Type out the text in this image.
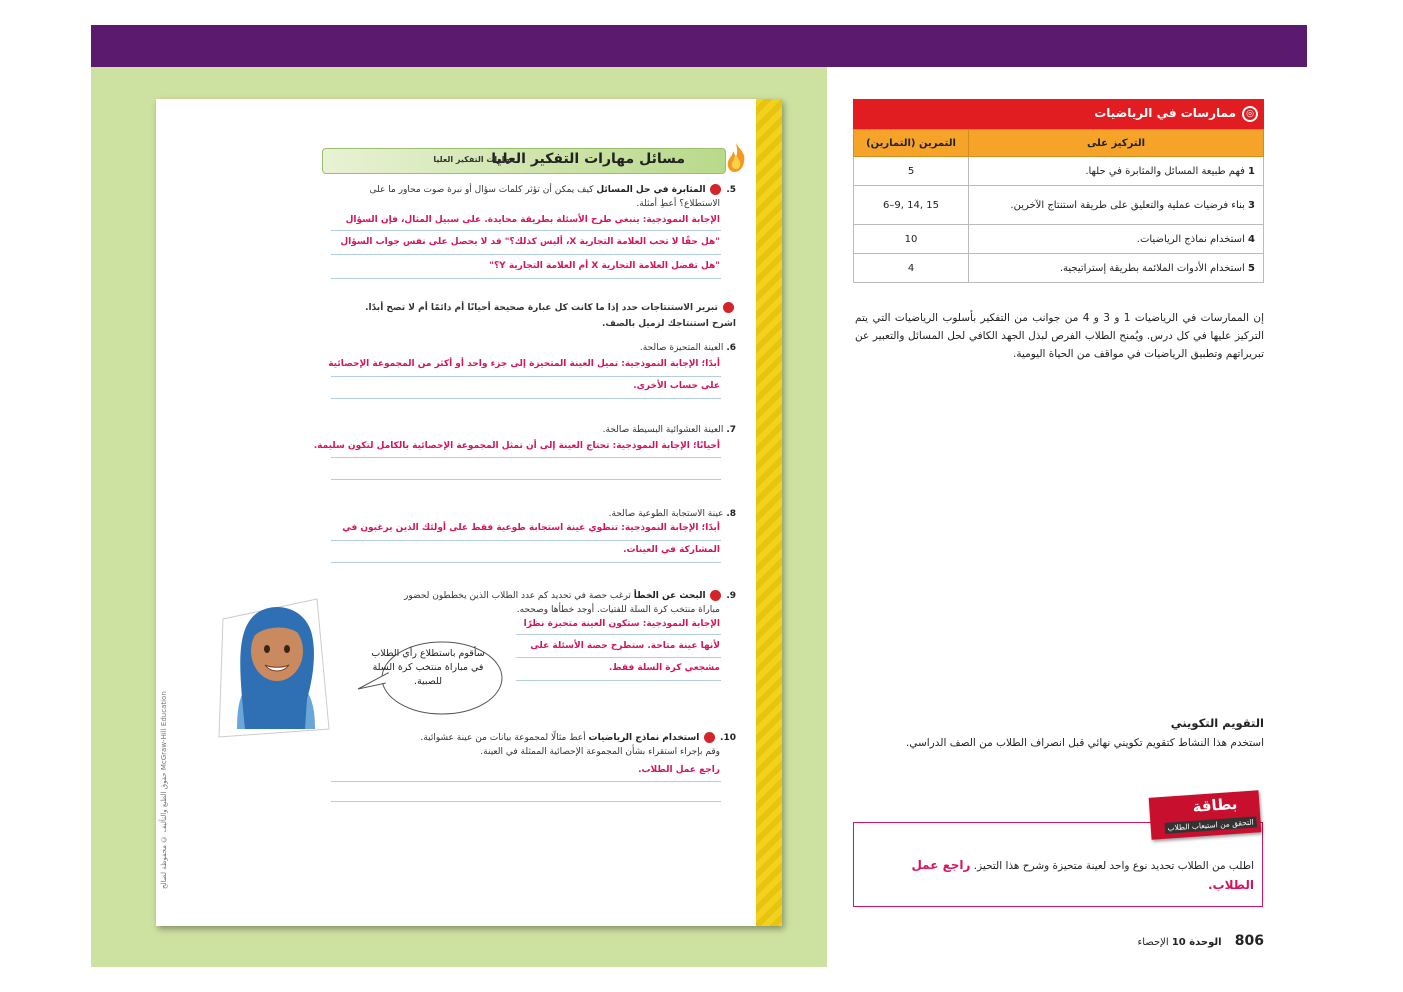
حقوق الطبع والتأليف © محفوظة لصالح McGraw-Hill Education
مسائل مهارات التفكير العليا
مهارات التفكير العليا
5.  المثابرة في حل المسائل كيف يمكن أن تؤثر كلمات سؤال أو نبرة صوت محاور ما على
الاستطلاع؟ أعطِ أمثلة.
الإجابة النموذجية: ينبغي طرح الأسئلة بطريقة محايدة. على سبيل المثال، فإن السؤال
"هل حقًا لا تحب العلامة التجارية X، أليس كذلك؟" قد لا يحصل على نفس جواب السؤال
"هل تفضل العلامة التجارية X أم العلامة التجارية Y؟"
تبرير الاستنتاجات حدد إذا ما كانت كل عبارة صحيحة أحيانًا أم دائمًا أم لا تصح أبدًا.
اشرح استنتاجك لزميل بالصف.
6. العينة المتحيزة صالحة.
أبدًا؛ الإجابة النموذجية: تميل العينة المتحيزة إلى جزء واحد أو أكثر من المجموعة الإحصائية
على حساب الأخرى.
7. العينة العشوائية البسيطة صالحة.
أحيانًا؛ الإجابة النموذجية: تحتاج العينة إلى أن تمثل المجموعة الإحصائية بالكامل لتكون سليمة.
8. عينة الاستجابة الطوعية صالحة.
أبدًا؛ الإجابة النموذجية: تنطوي عينة استجابة طوعية فقط على أولئك الذين يرغبون في
المشاركة في العينات.
9.  البحث عن الخطأ ترغب حصة في تحديد كم عدد الطلاب الذين يخططون لحضور
مباراة منتخب كرة السلة للفتيات. أوجد خطأها وصححه.
الإجابة النموذجية: ستكون العينة متحيزة نظرًا
لأنها عينة متاحة. ستطرح حصة الأسئلة على
مشجعي كرة السلة فقط.
سأقوم باستطلاع رأي الطلاب في مباراة منتخب كرة السلة للصبية.
10.  استخدام نماذج الرياضيات أعط مثالًا لمجموعة بيانات من عينة عشوائية.
وقم بإجراء استقراء بشأن المجموعة الإحصائية الممثلة في العينة.
راجع عمل الطلاب.
◎
ممارسات في الرياضيات
التمرين (التمارين)	التركيز على
5	1 فهم طبيعة المسائل والمثابرة في حلها.
6–9, 14, 15	3 بناء فرضيات عملية والتعليق على طريقة استنتاج الآخرين.
10	4 استخدام نماذج الرياضيات.
4	5 استخدام الأدوات الملائمة بطريقة إستراتيجية.
إن الممارسات في الرياضيات 1 و 3 و 4 من جوانب من التفكير بأسلوب الرياضيات التي يتم التركيز عليها في كل درس. ويُمنح الطلاب الفرص لبذل الجهد الكافي لحل المسائل والتعبير عن تبريراتهم وتطبيق الرياضيات في مواقف من الحياة اليومية.
التقويم التكويني
استخدم هذا النشاط كتقويم تكويني نهائي قبل انصراف الطلاب من الصف الدراسي.
بطاقة
التحقق من استيعاب الطلاب
اطلب من الطلاب تحديد نوع واحد لعينة متحيزة وشرح هذا التحيز. راجع عمل الطلاب.
806 الوحدة 10 الإحصاء
